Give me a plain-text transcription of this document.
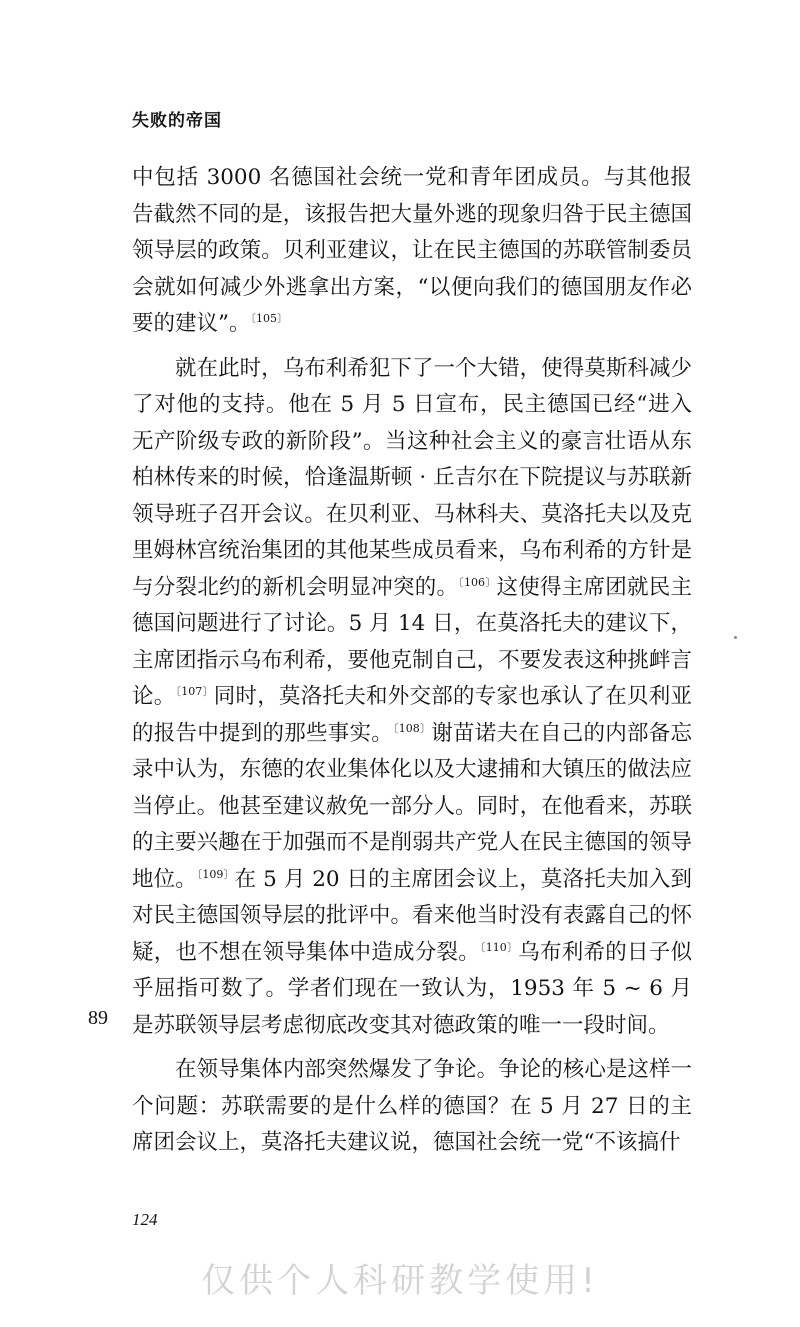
失败的帝国

中包括 3000 名德国社会统一党和青年团成员。与其他报告截然不同的是，该报告把大量外逃的现象归咎于民主德国领导层的政策。贝利亚建议，让在民主德国的苏联管制委员会就如何减少外逃拿出方案，“以便向我们的德国朋友作必要的建议”。$^{〔105〕}$

就在此时，乌布利希犯下了一个大错，使得莫斯科减少了对他的支持。他在 5 月 5 日宣布，民主德国已经“进入无产阶级专政的新阶段”。当这种社会主义的豪言壮语从东柏林传来的时候，恰逢温斯顿 · 丘吉尔在下院提议与苏联新领导班子召开会议。在贝利亚、马林科夫、莫洛托夫以及克里姆林宫统治集团的其他某些成员看来，乌布利希的方针是与分裂北约的新机会明显冲突的。$^{〔106〕}$这使得主席团就民主德国问题进行了讨论。5 月 14 日，在莫洛托夫的建议下，主席团指示乌布利希，要他克制自己，不要发表这种挑衅言论。$^{〔107〕}$同时，莫洛托夫和外交部的专家也承认了在贝利亚的报告中提到的那些事实。$^{〔108〕}$谢苗诺夫在自己的内部备忘录中认为，东德的农业集体化以及大逮捕和大镇压的做法应当停止。他甚至建议赦免一部分人。同时，在他看来，苏联的主要兴趣在于加强而不是削弱共产党人在民主德国的领导地位。$^{〔109〕}$在 5 月 20 日的主席团会议上，莫洛托夫加入到对民主德国领导层的批评中。看来他当时没有表露自己的怀疑，也不想在领导集体中造成分裂。$^{〔110〕}$乌布利希的日子似乎屈指可数了。学者们现在一致认为，1953 年 5 ~ 6 月是苏联领导层考虑彻底改变其对德政策的唯一一段时间。

在领导集体内部突然爆发了争论。争论的核心是这样一个问题：苏联需要的是什么样的德国？在 5 月 27 日的主席团会议上，莫洛托夫建议说，德国社会统一党“不该搞什

89
124
仅供个人科研教学使用!
